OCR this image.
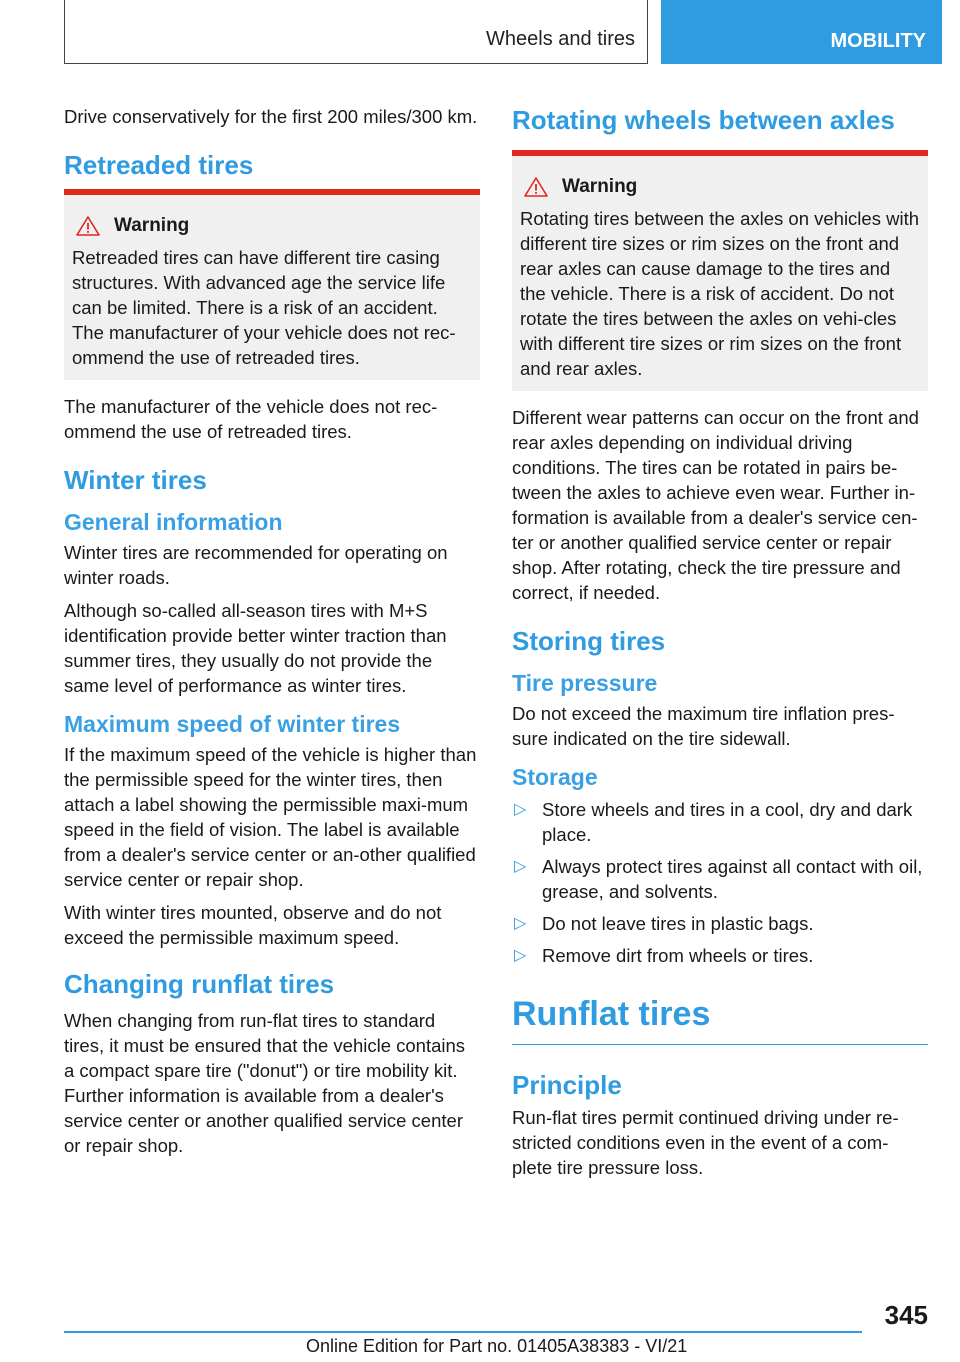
Wheels and tires	MOBILITY

Drive conservatively for the first 200 miles/300 km.

Retreaded tires
Warning
Retreaded tires can have different tire casing structures. With advanced age the service life can be limited. There is a risk of an accident. The manufacturer of your vehicle does not rec-ommend the use of retreaded tires.

The manufacturer of the vehicle does not rec-ommend the use of retreaded tires.

Winter tires
General information

Winter tires are recommended for operating on winter roads.

Although so-called all-season tires with M+S identification provide better winter traction than summer tires, they usually do not provide the same level of performance as winter tires.

Maximum speed of winter tires

If the maximum speed of the vehicle is higher than the permissible speed for the winter tires, then attach a label showing the permissible maxi-mum speed in the field of vision. The label is available from a dealer's service center or an-other qualified service center or repair shop.

With winter tires mounted, observe and do not exceed the permissible maximum speed.

Changing runflat tires

When changing from run-flat tires to standard tires, it must be ensured that the vehicle contains a compact spare tire ("donut") or tire mobility kit. Further information is available from a dealer's service center or another qualified service center or repair shop.

Rotating wheels between axles
Warning
Rotating tires between the axles on vehicles with different tire sizes or rim sizes on the front and rear axles can cause damage to the tires and the vehicle. There is a risk of accident. Do not rotate the tires between the axles on vehi-cles with different tire sizes or rim sizes on the front and rear axles.

Different wear patterns can occur on the front and rear axles depending on individual driving conditions. The tires can be rotated in pairs be-tween the axles to achieve even wear. Further in-formation is available from a dealer's service cen-ter or another qualified service center or repair shop. After rotating, check the tire pressure and correct, if needed.

Storing tires
Tire pressure

Do not exceed the maximum tire inflation pres-sure indicated on the tire sidewall.

Storage
▷ Store wheels and tires in a cool, dry and dark place.
▷ Always protect tires against all contact with oil, grease, and solvents.
▷ Do not leave tires in plastic bags.
▷ Remove dirt from wheels or tires.
Runflat tires
Principle

Run-flat tires permit continued driving under re-stricted conditions even in the event of a com-plete tire pressure loss.

345
Online Edition for Part no. 01405A38383 - VI/21
